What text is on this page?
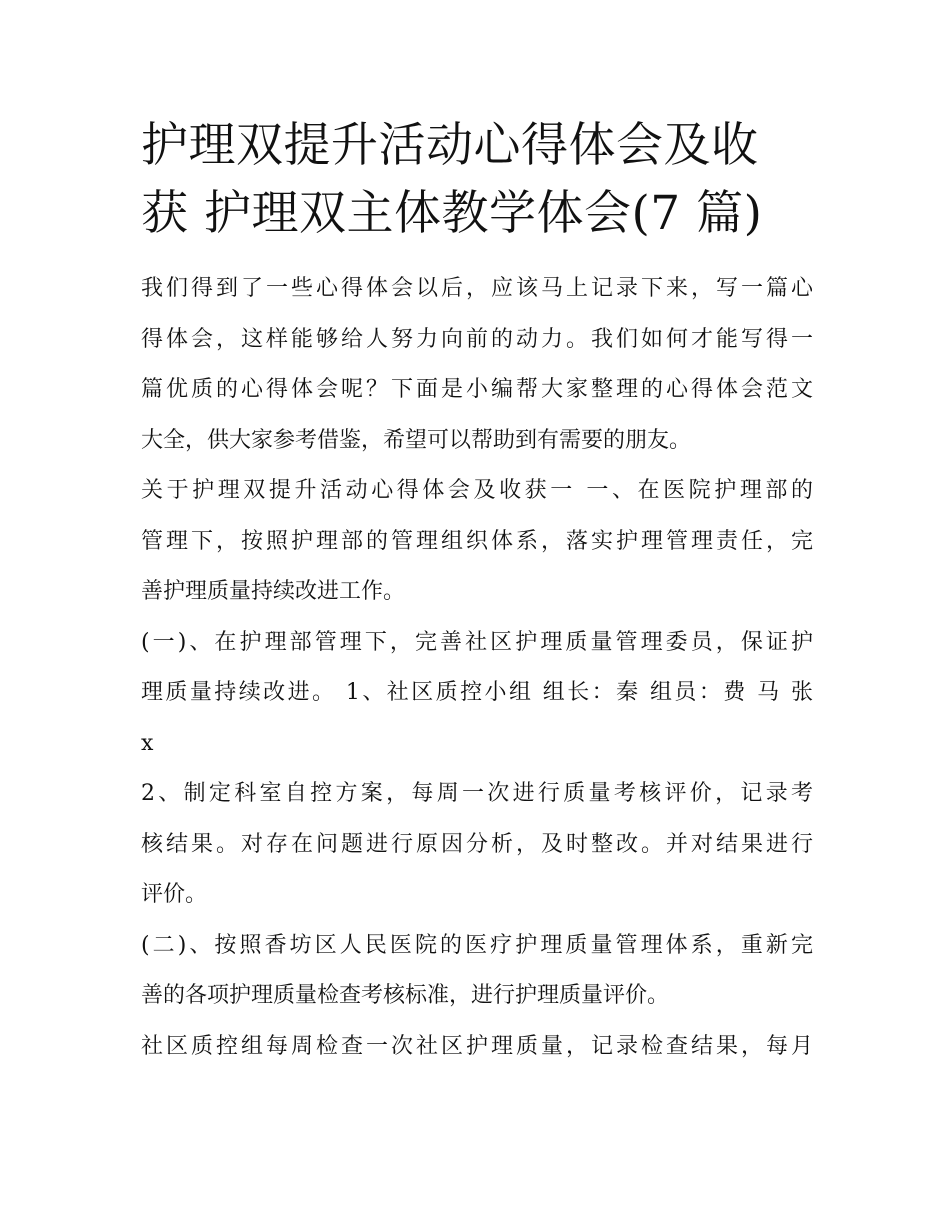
护理双提升活动心得体会及收
获 护理双主体教学体会(7 篇)
我们得到了一些心得体会以后，应该马上记录下来，写一篇心
得体会，这样能够给人努力向前的动力。我们如何才能写得一
篇优质的心得体会呢？下面是小编帮大家整理的心得体会范文
大全，供大家参考借鉴，希望可以帮助到有需要的朋友。
关于护理双提升活动心得体会及收获一 一、在医院护理部的
管理下，按照护理部的管理组织体系，落实护理管理责任，完
善护理质量持续改进工作。
(一)、在护理部管理下，完善社区护理质量管理委员，保证护
理质量持续改进。 1、社区质控小组 组长：秦 组员：费 马 张
x
2、制定科室自控方案，每周一次进行质量考核评价，记录考
核结果。对存在问题进行原因分析，及时整改。并对结果进行
评价。
(二)、按照香坊区人民医院的医疗护理质量管理体系，重新完
善的各项护理质量检查考核标准，进行护理质量评价。
社区质控组每周检查一次社区护理质量，记录检查结果，每月
